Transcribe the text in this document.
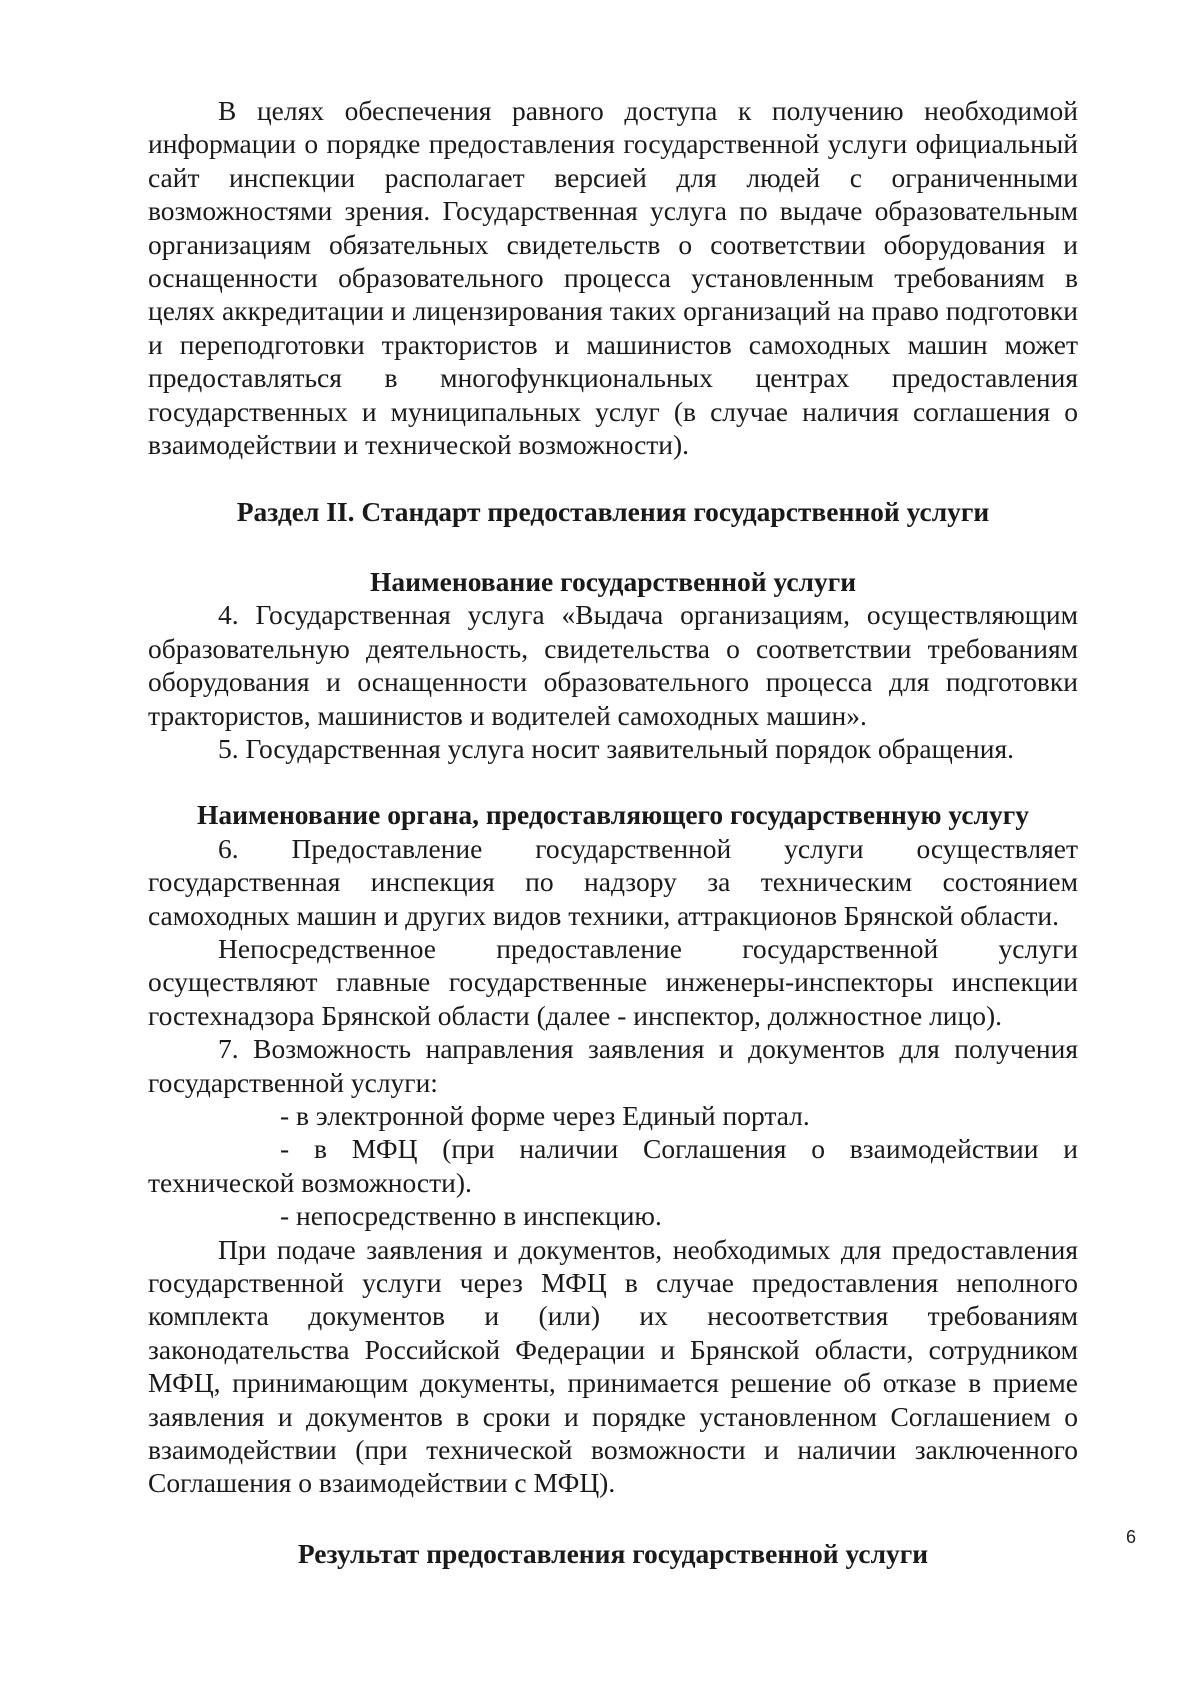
В целях обеспечения равного доступа к получению необходимой информации о порядке предоставления государственной услуги официальный сайт инспекции располагает версией для людей с ограниченными возможностями зрения. Государственная услуга по выдаче образовательным организациям обязательных свидетельств о соответствии оборудования и оснащенности образовательного процесса установленным требованиям в целях аккредитации и лицензирования таких организаций на право подготовки и переподготовки трактористов и машинистов самоходных машин может предоставляться в многофункциональных центрах предоставления государственных и муниципальных услуг (в случае наличия соглашения о взаимодействии и технической возможности).

Раздел II. Стандарт предоставления государственной услуги

Наименование государственной услуги

4. Государственная услуга «Выдача организациям, осуществляющим образовательную деятельность, свидетельства о соответствии требованиям оборудования и оснащенности образовательного процесса для подготовки трактористов, машинистов и водителей самоходных машин».

5. Государственная услуга носит заявительный порядок обращения.

Наименование органа, предоставляющего государственную услугу

6. Предоставление государственной услуги осуществляет государственная инспекция по надзору за техническим состоянием самоходных машин и других видов техники, аттракционов Брянской области.

Непосредственное предоставление государственной услуги осуществляют главные государственные инженеры-инспекторы инспекции гостехнадзора Брянской области (далее - инспектор, должностное лицо).

7. Возможность направления заявления и документов для получения государственной услуги:

- в электронной форме через Единый портал.

- в МФЦ (при наличии Соглашения о взаимодействии и технической возможности).

- непосредственно в инспекцию.

При подаче заявления и документов, необходимых для предоставления государственной услуги через МФЦ в случае предоставления неполного комплекта документов и (или) их несоответствия требованиям законодательства Российской Федерации и Брянской области, сотрудником МФЦ, принимающим документы, принимается решение об отказе в приеме заявления и документов в сроки и порядке установленном Соглашением о взаимодействии (при технической возможности и наличии заключенного Соглашения о взаимодействии с МФЦ).

Результат предоставления государственной услуги

6
